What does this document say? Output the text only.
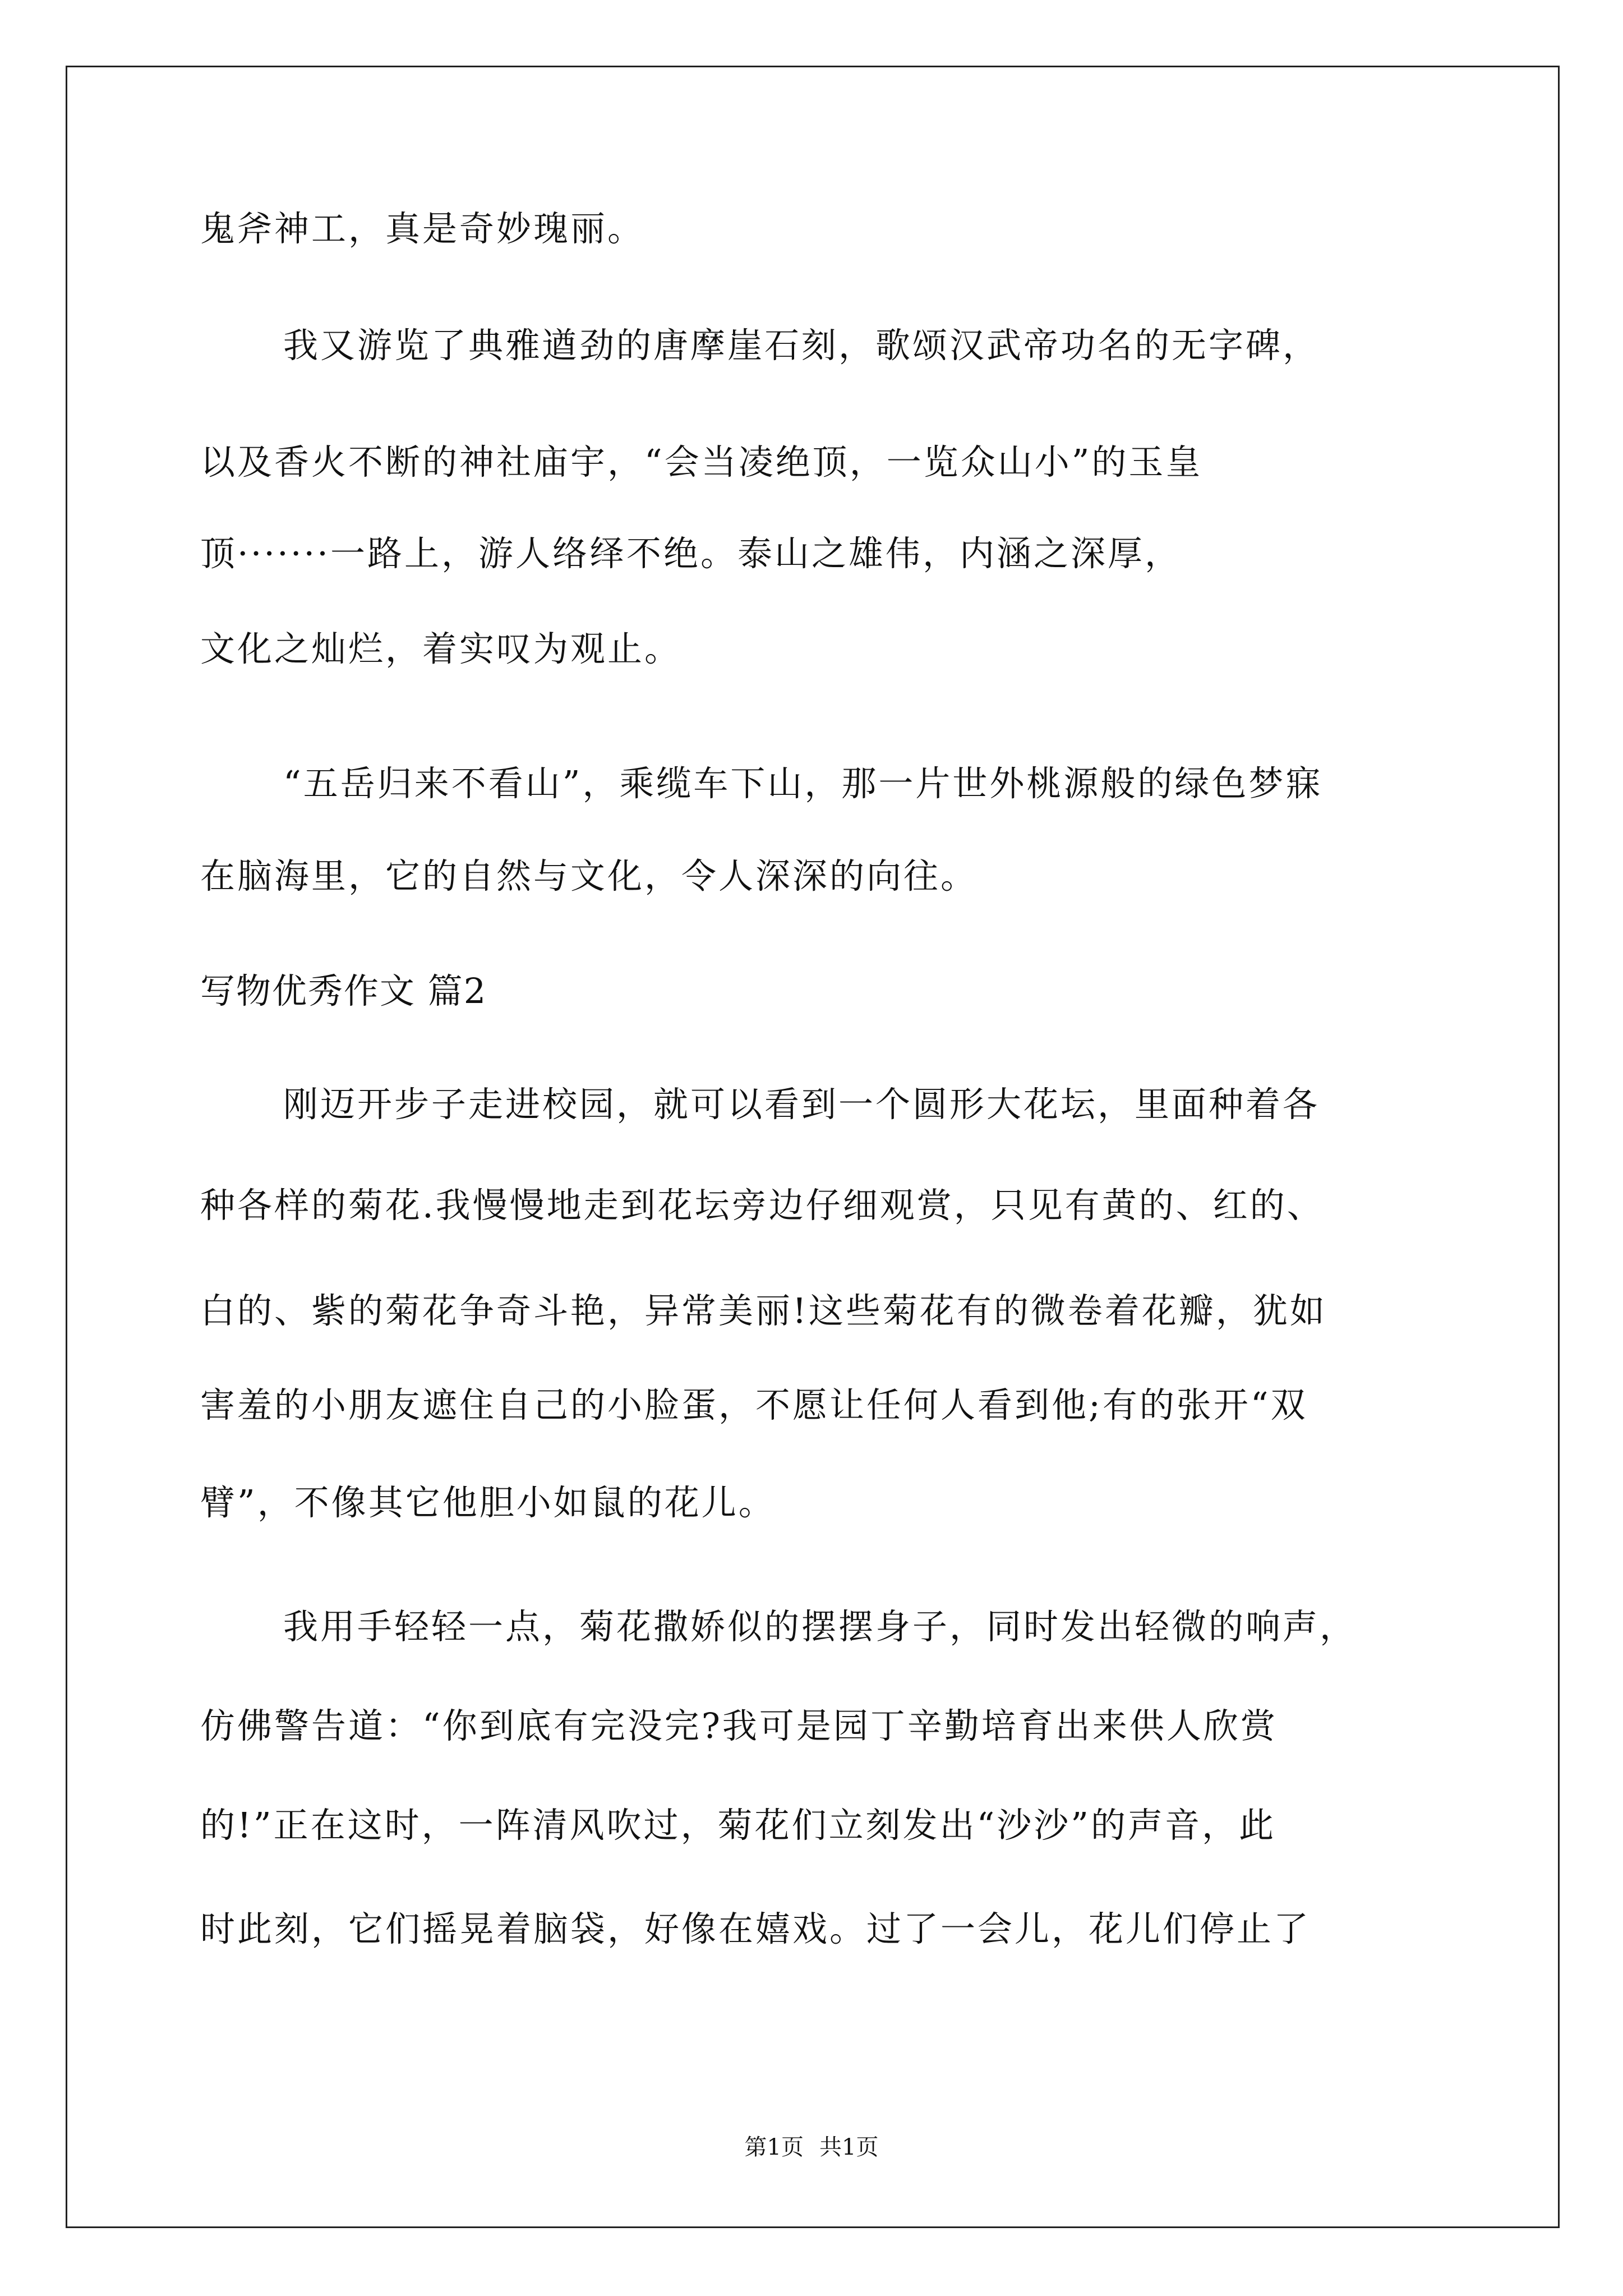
鬼斧神工，真是奇妙瑰丽。
我又游览了典雅遒劲的唐摩崖石刻，歌颂汉武帝功名的无字碑，
以及香火不断的神社庙宇，“会当凌绝顶，一览众山小”的玉皇
顶·······一路上，游人络绎不绝。泰山之雄伟，内涵之深厚，
文化之灿烂，着实叹为观止。
“五岳归来不看山”，乘缆车下山，那一片世外桃源般的绿色梦寐
在脑海里，它的自然与文化，令人深深的向往。
写物优秀作文 篇2
刚迈开步子走进校园，就可以看到一个圆形大花坛，里面种着各
种各样的菊花.我慢慢地走到花坛旁边仔细观赏，只见有黄的、红的、
白的、紫的菊花争奇斗艳，异常美丽!这些菊花有的微卷着花瓣，犹如
害羞的小朋友遮住自己的小脸蛋，不愿让任何人看到他;有的张开“双
臂”，不像其它他胆小如鼠的花儿。
我用手轻轻一点，菊花撒娇似的摆摆身子，同时发出轻微的响声，
仿佛警告道：“你到底有完没完?我可是园丁辛勤培育出来供人欣赏
的!”正在这时，一阵清风吹过，菊花们立刻发出“沙沙”的声音，此
时此刻，它们摇晃着脑袋，好像在嬉戏。过了一会儿，花儿们停止了
第1页 共1页
